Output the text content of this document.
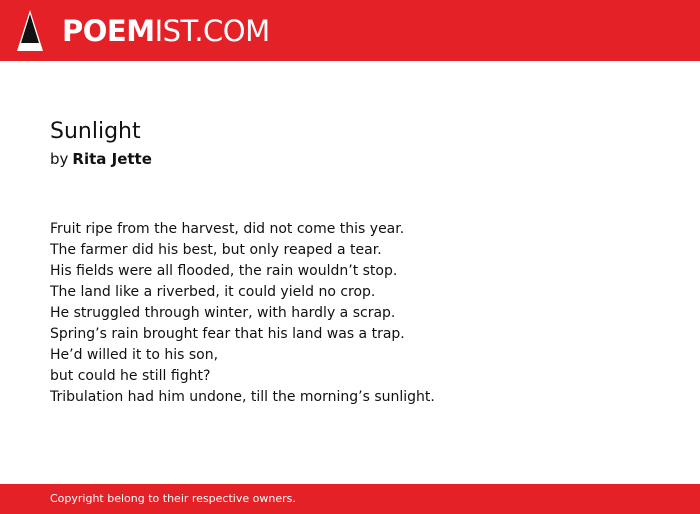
POEMIST.COM
Sunlight
by Rita Jette
Fruit ripe from the harvest, did not come this year.
The farmer did his best, but only reaped a tear.
His fields were all flooded, the rain wouldn’t stop.
The land like a riverbed, it could yield no crop.
He struggled through winter, with hardly a scrap.
Spring’s rain brought fear that his land was a trap.
He’d willed it to his son,
but could he still fight?
Tribulation had him undone, till the morning’s sunlight.
Copyright belong to their respective owners.
